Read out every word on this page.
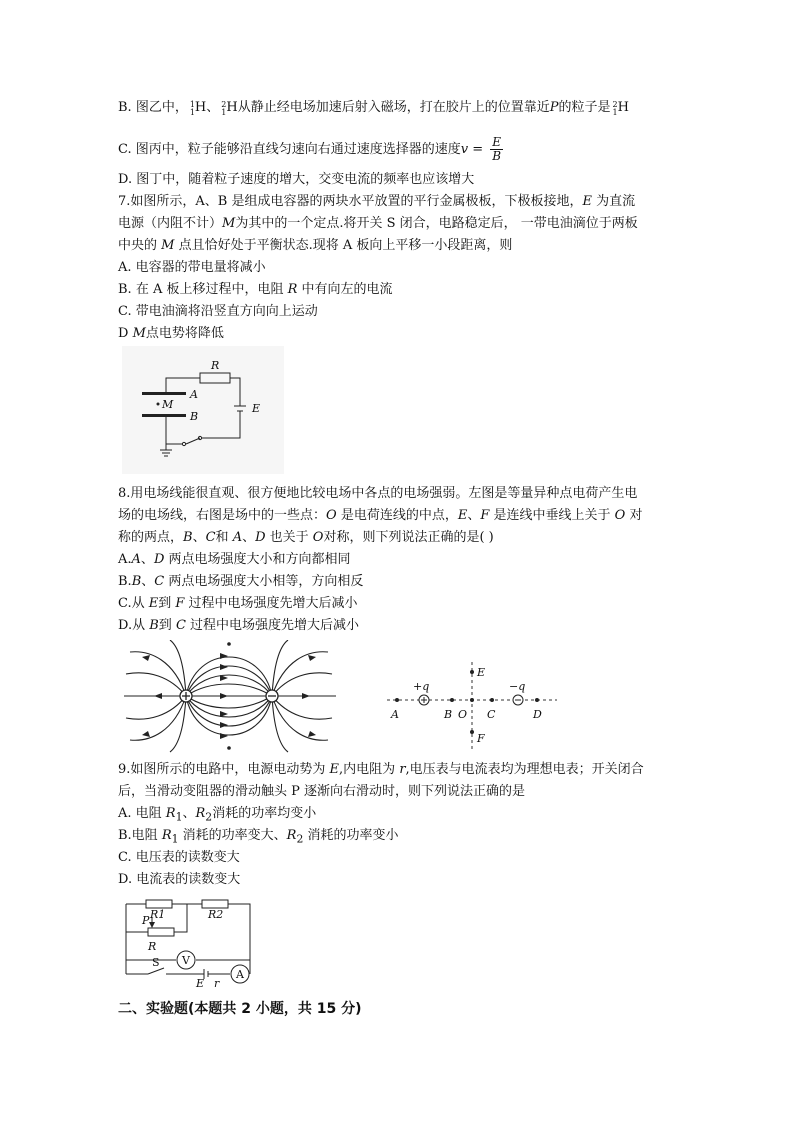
B. 图乙中， 1
1 H、 2
1 H从静止经电场加速后射入磁场，打在胶片上的位置靠近P的粒子是 2
1 H
C. 图丙中，粒子能够沿直线匀速向右通过速度选择器的速度$v = \frac{E}{B}$
D. 图丁中，随着粒子速度的增大，交变电流的频率也应该增大
7.如图所示，A、B 是组成电容器的两块水平放置的平行金属极板，下极板接地，E 为直流
电源（内阻不计）M为其中的一个定点.将开关 S 闭合，电路稳定后， 一带电油滴位于两板
中央的 M 点且恰好处于平衡状态.现将 A 板向上平移一小段距离，则
A. 电容器的带电量将减小
B. 在 A 板上移过程中，电阻 R 中有向左的电流
C. 带电油滴将沿竖直方向向上运动
D M点电势将降低
R
A
M
B
E
8.用电场线能很直观、很方便地比较电场中各点的电场强弱。左图是等量异种点电荷产生电
场的电场线，右图是场中的一些点：O 是电荷连线的中点，E、F 是连线中垂线上关于 O 对
称的两点，B、C和 A、D 也关于 O对称，则下列说法正确的是( )
A.A、D 两点电场强度大小和方向都相同
B.B、C 两点电场强度大小相等，方向相反
C.从 E到 F 过程中电场强度先增大后减小
D.从 B到 C 过程中电场强度先增大后减小
+q	−q
A	B O C	D
E
F
9.如图所示的电路中，电源电动势为 E,内电阻为 r,电压表与电流表均为理想电表；开关闭合
后，当滑动变阻器的滑动触头 P 逐渐向右滑动时，则下列说法正确的是
A. 电阻 $R_1$、$R_2$消耗的功率均变小
B.电阻 $R_1$ 消耗的功率变大、$R_2$ 消耗的功率变小
C. 电压表的读数变大
D. 电流表的读数变大
R1	R2
P
R
V
S
E r
A
二、实验题(本题共 2 小题，共 15 分)
